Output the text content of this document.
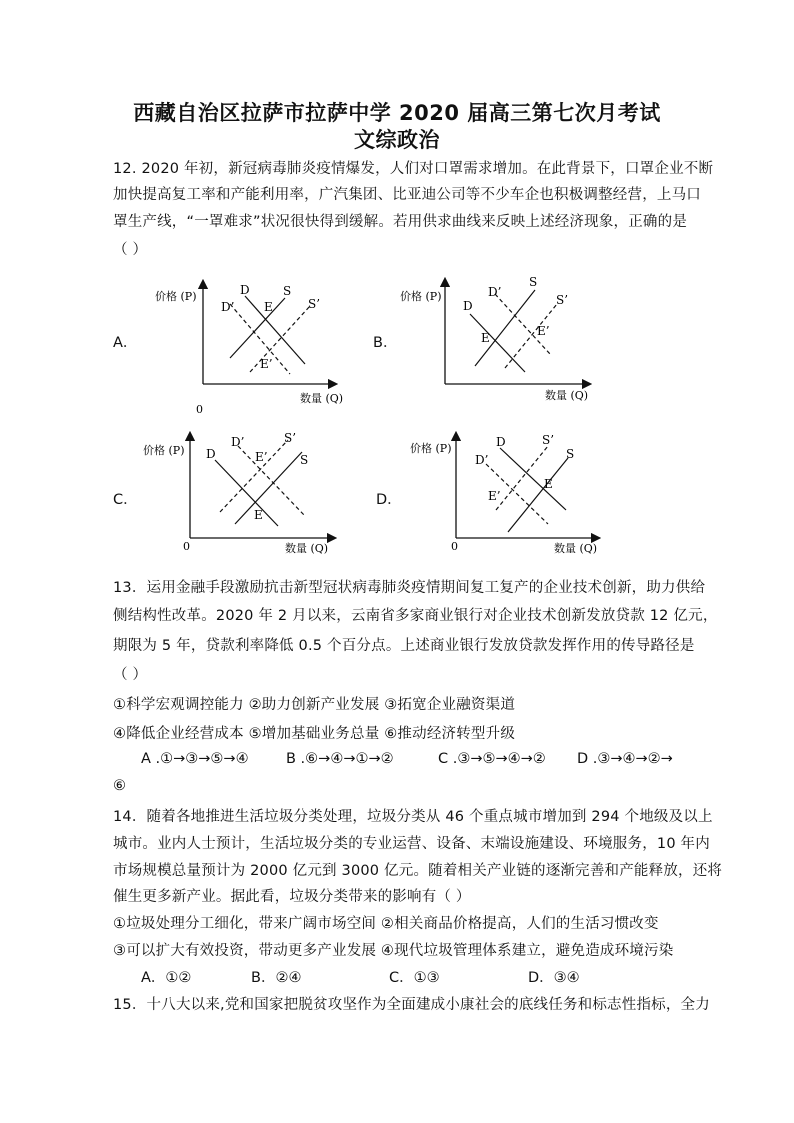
西藏自治区拉萨市拉萨中学 2020 届高三第七次月考试
文综政治
12. 2020 年初，新冠病毒肺炎疫情爆发，人们对口罩需求增加。在此背景下，口罩企业不断
加快提高复工率和产能利用率，广汽集团、比亚迪公司等不少车企也积极调整经营，上马口
罩生产线，“一罩难求”状况很快得到缓解。若用供求曲线来反映上述经济现象，正确的是
（ ）
A．	B．
C．	D．
价格 (P)
数量 (Q)
0
D
D’
S
S’
E
E’
价格 (P)
数量 (Q)
D
D’
S
S’
E	E’
价格 (P)
数量 (Q)
0
D
D’
S
S’
E
E’
价格 (P)
数量 (Q)
0
D
D’	S
S’
E
E’
13．运用金融手段激励抗击新型冠状病毒肺炎疫情期间复工复产的企业技术创新，助力供给
侧结构性改革。2020 年 2 月以来，云南省多家商业银行对企业技术创新发放贷款 12 亿元，
期限为 5 年，贷款利率降低 0.5 个百分点。上述商业银行发放贷款发挥作用的传导路径是
（ ）
①科学宏观调控能力 ②助力创新产业发展 ③拓宽企业融资渠道
④降低企业经营成本 ⑤增加基础业务总量 ⑥推动经济转型升级
A .①→③→⑤→④	B .⑥→④→①→②	C .③→⑤→④→② D .③→④→②→
⑥
14．随着各地推进生活垃圾分类处理，垃圾分类从 46 个重点城市增加到 294 个地级及以上
城市。业内人士预计，生活垃圾分类的专业运营、设备、末端设施建设、环境服务，10 年内
市场规模总量预计为 2000 亿元到 3000 亿元。随着相关产业链的逐渐完善和产能释放，还将
催生更多新产业。据此看，垃圾分类带来的影响有（ ）
①垃圾处理分工细化，带来广阔市场空间 ②相关商品价格提高，人们的生活习惯改变
③可以扩大有效投资，带动更多产业发展 ④现代垃圾管理体系建立，避免造成环境污染
A．①②	B．②④	C．①③	D．③④
15．十八大以来,党和国家把脱贫攻坚作为全面建成小康社会的底线任务和标志性指标，全力
